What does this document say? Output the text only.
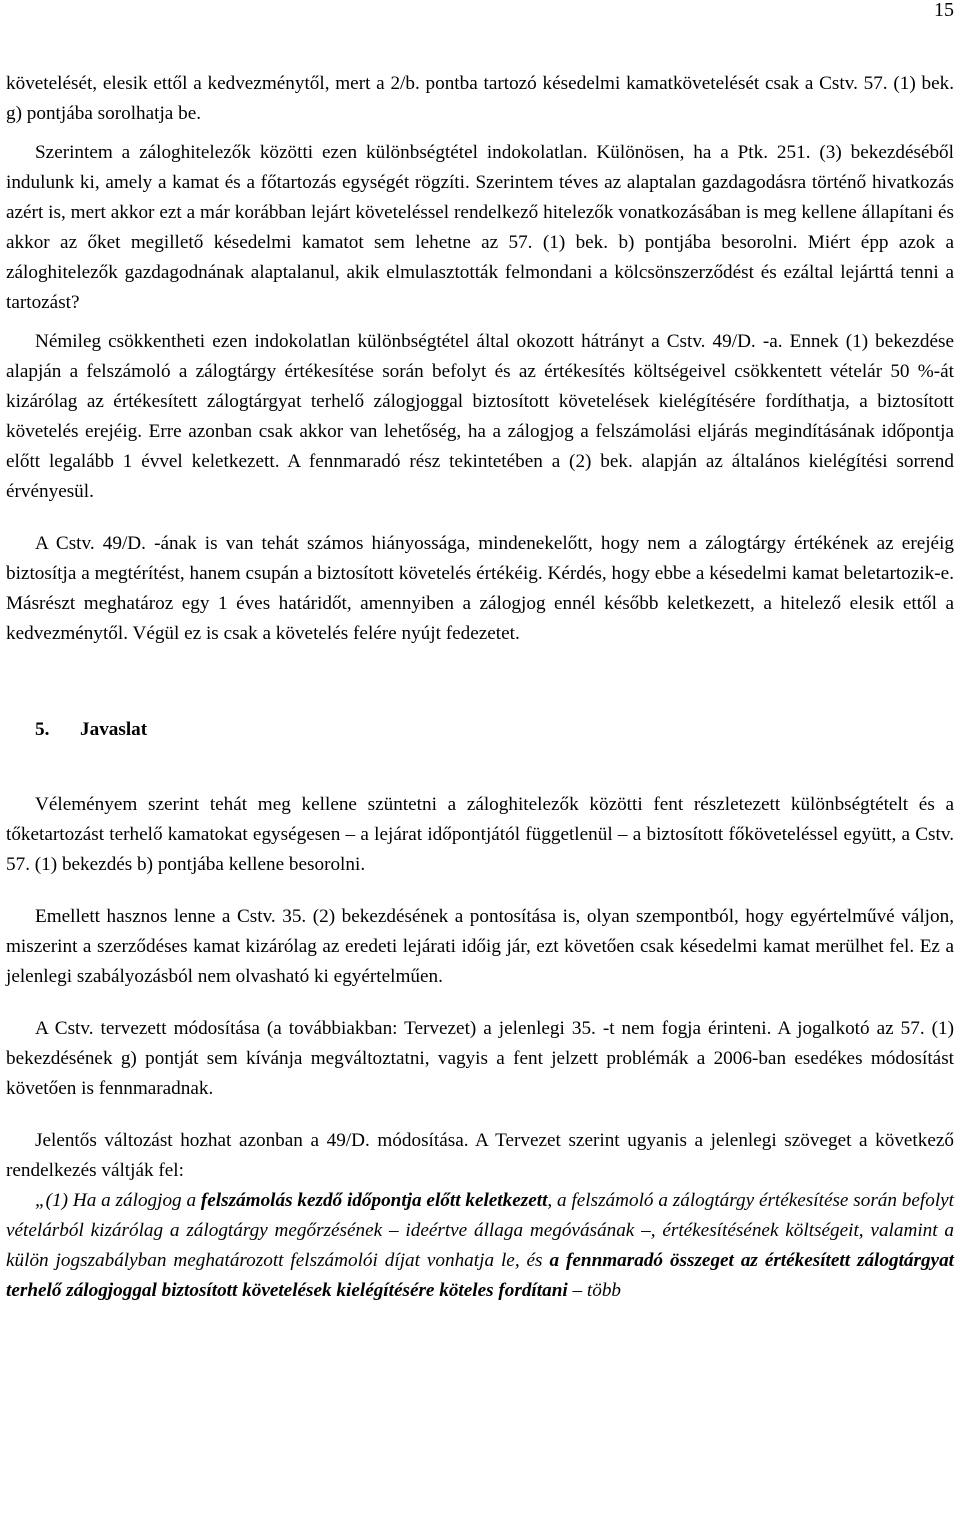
15

követelését, elesik ettől a kedvezménytől, mert a 2/b. pontba tartozó késedelmi kamatkövetelését csak a Cstv. 57. (1) bek. g) pontjába sorolhatja be.

Szerintem a záloghitelezők közötti ezen különbségtétel indokolatlan. Különösen, ha a Ptk. 251. (3) bekezdéséből indulunk ki, amely a kamat és a főtartozás egységét rögzíti. Szerintem téves az alaptalan gazdagodásra történő hivatkozás azért is, mert akkor ezt a már korábban lejárt követeléssel rendelkező hitelezők vonatkozásában is meg kellene állapítani és akkor az őket megillető késedelmi kamatot sem lehetne az 57. (1) bek. b) pontjába besorolni. Miért épp azok a záloghitelezők gazdagodnának alaptalanul, akik elmulasztották felmondani a kölcsönszerződést és ezáltal lejárttá tenni a tartozást?

Némileg csökkentheti ezen indokolatlan különbségtétel által okozott hátrányt a Cstv. 49/D. -a. Ennek (1) bekezdése alapján a felszámoló a zálogtárgy értékesítése során befolyt és az értékesítés költségeivel csökkentett vételár 50 %-át kizárólag az értékesített zálogtárgyat terhelő zálogjoggal biztosított követelések kielégítésére fordíthatja, a biztosított követelés erejéig. Erre azonban csak akkor van lehetőség, ha a zálogjog a felszámolási eljárás megindításának időpontja előtt legalább 1 évvel keletkezett. A fennmaradó rész tekintetében a (2) bek. alapján az általános kielégítési sorrend érvényesül.

A Cstv. 49/D. -ának is van tehát számos hiányossága, mindenekelőtt, hogy nem a zálogtárgy értékének az erejéig biztosítja a megtérítést, hanem csupán a biztosított követelés értékéig. Kérdés, hogy ebbe a késedelmi kamat beletartozik-e. Másrészt meghatároz egy 1 éves határidőt, amennyiben a zálogjog ennél később keletkezett, a hitelező elesik ettől a kedvezménytől. Végül ez is csak a követelés felére nyújt fedezetet.

5. Javaslat

Véleményem szerint tehát meg kellene szüntetni a záloghitelezők közötti fent részletezett különbségtételt és a tőketartozást terhelő kamatokat egységesen – a lejárat időpontjától függetlenül – a biztosított főköveteléssel együtt, a Cstv. 57. (1) bekezdés b) pontjába kellene besorolni.

Emellett hasznos lenne a Cstv. 35. (2) bekezdésének a pontosítása is, olyan szempontból, hogy egyértelművé váljon, miszerint a szerződéses kamat kizárólag az eredeti lejárati időig jár, ezt követően csak késedelmi kamat merülhet fel. Ez a jelenlegi szabályozásból nem olvasható ki egyértelműen.

A Cstv. tervezett módosítása (a továbbiakban: Tervezet) a jelenlegi 35. -t nem fogja érinteni. A jogalkotó az 57. (1) bekezdésének g) pontját sem kívánja megváltoztatni, vagyis a fent jelzett problémák a 2006-ban esedékes módosítást követően is fennmaradnak.

Jelentős változást hozhat azonban a 49/D. módosítása. A Tervezet szerint ugyanis a jelenlegi szöveget a következő rendelkezés váltják fel:

„(1) Ha a zálogjog a felszámolás kezdő időpontja előtt keletkezett, a felszámoló a zálogtárgy értékesítése során befolyt vételárból kizárólag a zálogtárgy megőrzésének – ideértve állaga megóvásának –, értékesítésének költségeit, valamint a külön jogszabályban meghatározott felszámolói díjat vonhatja le, és a fennmaradó összeget az értékesített zálogtárgyat terhelő zálogjoggal biztosított követelések kielégítésére köteles fordítani – több
